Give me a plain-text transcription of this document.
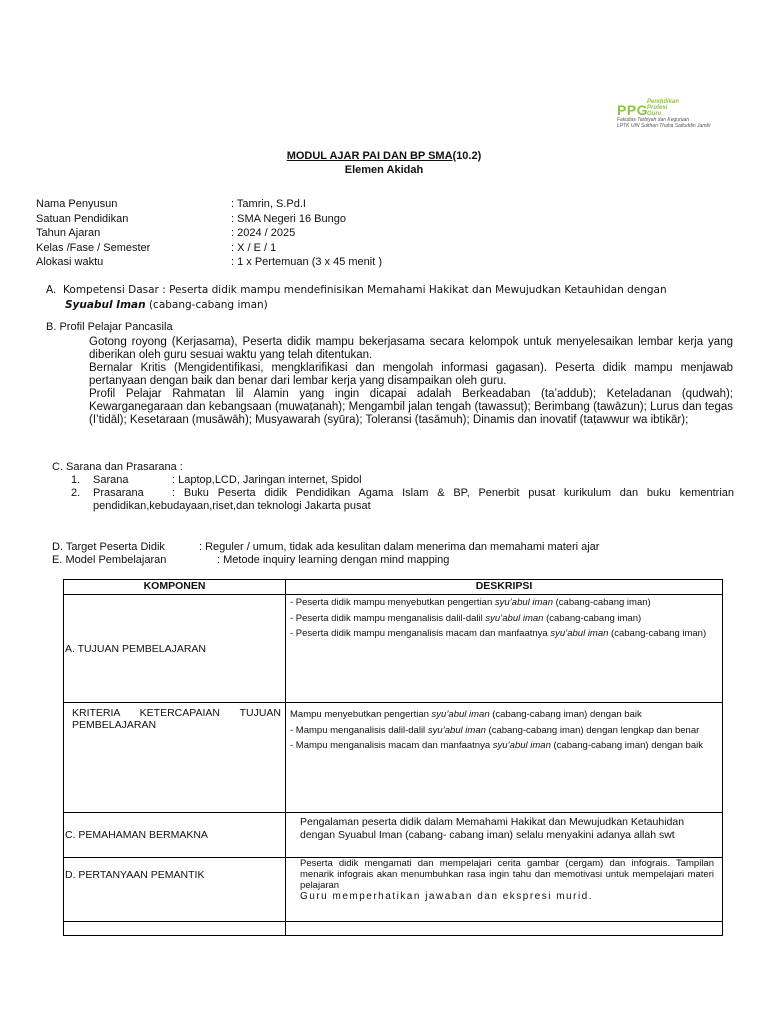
PPG
Pendidikan
Profesi
Guru
Fakultas Tarbiyah dan Keguruan
LPTK UIN Sulthan Thaha Saifuddin Jambi
MODUL AJAR PAI DAN BP SMA(10.2)
Elemen Akidah
Nama Penyusun	: Tamrin, S.Pd.I
Satuan Pendidikan	: SMA Negeri 16 Bungo
Tahun Ajaran	: 2024 / 2025
Kelas /Fase / Semester	: X / E / 1
Alokasi waktu	: 1 x Pertemuan (3 x 45 menit )
A. Kompetensi Dasar : Peserta didik mampu mendefinisikan Memahami Hakikat dan Mewujudkan Ketauhidan dengan
Syuabul Iman (cabang-cabang iman)
B. Profil Pelajar Pancasila
Gotong royong (Kerjasama), Peserta didik mampu bekerjasama secara kelompok untuk menyelesaikan lembar kerja yang diberikan oleh guru sesuai waktu yang telah ditentukan.
Bernalar Kritis (Mengidentifikasi, mengklarifikasi dan mengolah informasi gagasan). Peserta didik mampu menjawab pertanyaan dengan baik dan benar dari lembar kerja yang disampaikan oleh guru.
Profil Pelajar Rahmatan lil Alamin yang ingin dicapai adalah Berkeadaban (ta’addub); Keteladanan (qudwah); Kewarganegaraan dan kebangsaan (muwaṭanah); Mengambil jalan tengah (tawassuṭ); Berimbang (tawāzun); Lurus dan tegas (I’tidāl); Kesetaraan (musāwāh); Musyawarah (syūra); Toleransi (tasāmuh); Dinamis dan inovatif (taṭawwur wa ibtikār);
C. Sarana dan Prasarana :
1. Sarana	: Laptop,LCD, Jaringan internet, Spidol
2. Prasarana	: Buku Peserta didik Pendidikan Agama Islam & BP, Penerbit pusat kurikulum dan buku kementrian
pendidikan,kebudayaan,riset,dan teknologi Jakarta pusat
D. Target Peserta Didik	: Reguler / umum, tidak ada kesulitan dalam menerima dan memahami materi ajar
E. Model Pembelajaran	: Metode inquiry learning dengan mind mapping
KOMPONEN	DESKRIPSI

A. TUJUAN PEMBELAJARAN	- Peserta didik mampu menyebutkan pengertian syu’abul iman (cabang-cabang iman)

- Peserta didik mampu menganalisis dalil-dalil syu’abul iman (cabang-cabang iman)

- Peserta didik mampu menganalisis macam dan manfaatnya syu’abul iman (cabang-cabang iman)

KRITERIA KETERCAPAIAN TUJUAN PEMBELAJARAN	Mampu menyebutkan pengertian syu’abul iman (cabang-cabang iman) dengan baik

- Mampu menganalisis dalil-dalil syu’abul iman (cabang-cabang iman) dengan lengkap dan benar

- Mampu menganalisis macam dan manfaatnya syu’abul iman (cabang-cabang iman) dengan baik

C. PEMAHAMAN BERMAKNA	Pengalaman peserta didik dalam Memahami Hakikat dan Mewujudkan Ketauhidan dengan Syuabul Iman (cabang- cabang iman) selalu menyakini adanya allah swt

D. PERTANYAAN PEMANTIK	Peserta didik mengamati dan mempelajari cerita gambar (cergam) dan infograis. Tampilan menarik infograis akan menumbuhkan rasa ingin tahu dan memotivasi untuk mempelajari materi pelajaran
Guru memperhatikan jawaban dan ekspresi murid.
